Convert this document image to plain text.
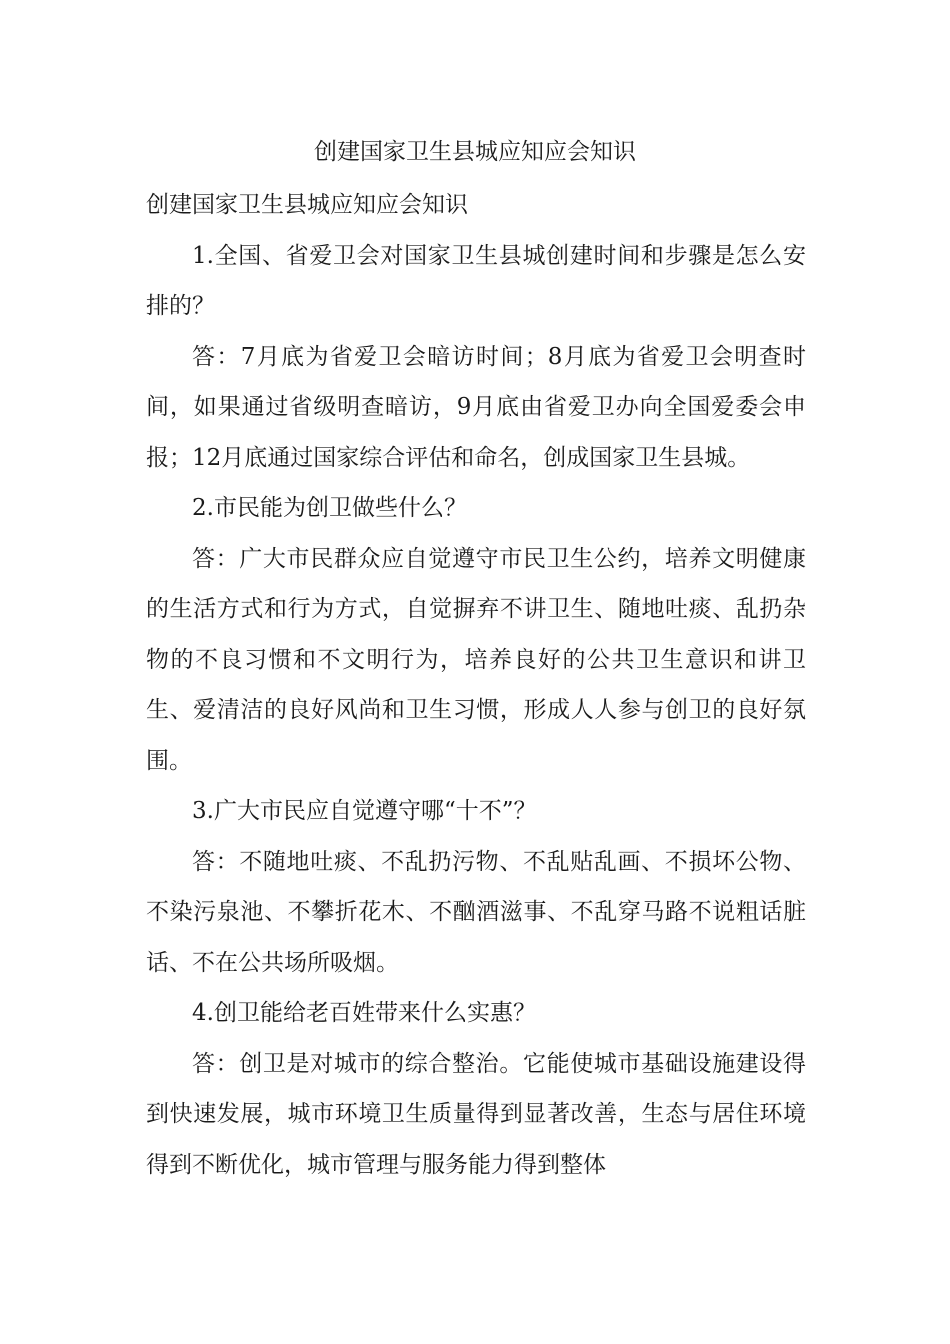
创建国家卫生县城应知应会知识

创建国家卫生县城应知应会知识

1.全国、省爱卫会对国家卫生县城创建时间和步骤是怎么安排的？

答：7月底为省爱卫会暗访时间；8月底为省爱卫会明查时间，如果通过省级明查暗访，9月底由省爱卫办向全国爱委会申报；12月底通过国家综合评估和命名，创成国家卫生县城。

2.市民能为创卫做些什么？

答：广大市民群众应自觉遵守市民卫生公约，培养文明健康的生活方式和行为方式，自觉摒弃不讲卫生、随地吐痰、乱扔杂物的不良习惯和不文明行为，培养良好的公共卫生意识和讲卫生、爱清洁的良好风尚和卫生习惯，形成人人参与创卫的良好氛围。

3.广大市民应自觉遵守哪“十不”？

答：不随地吐痰、不乱扔污物、不乱贴乱画、不损坏公物、不染污泉池、不攀折花木、不酗酒滋事、不乱穿马路不说粗话脏话、不在公共场所吸烟。

4.创卫能给老百姓带来什么实惠？

答：创卫是对城市的综合整治。它能使城市基础设施建设得到快速发展，城市环境卫生质量得到显著改善，生态与居住环境得到不断优化，城市管理与服务能力得到整体
